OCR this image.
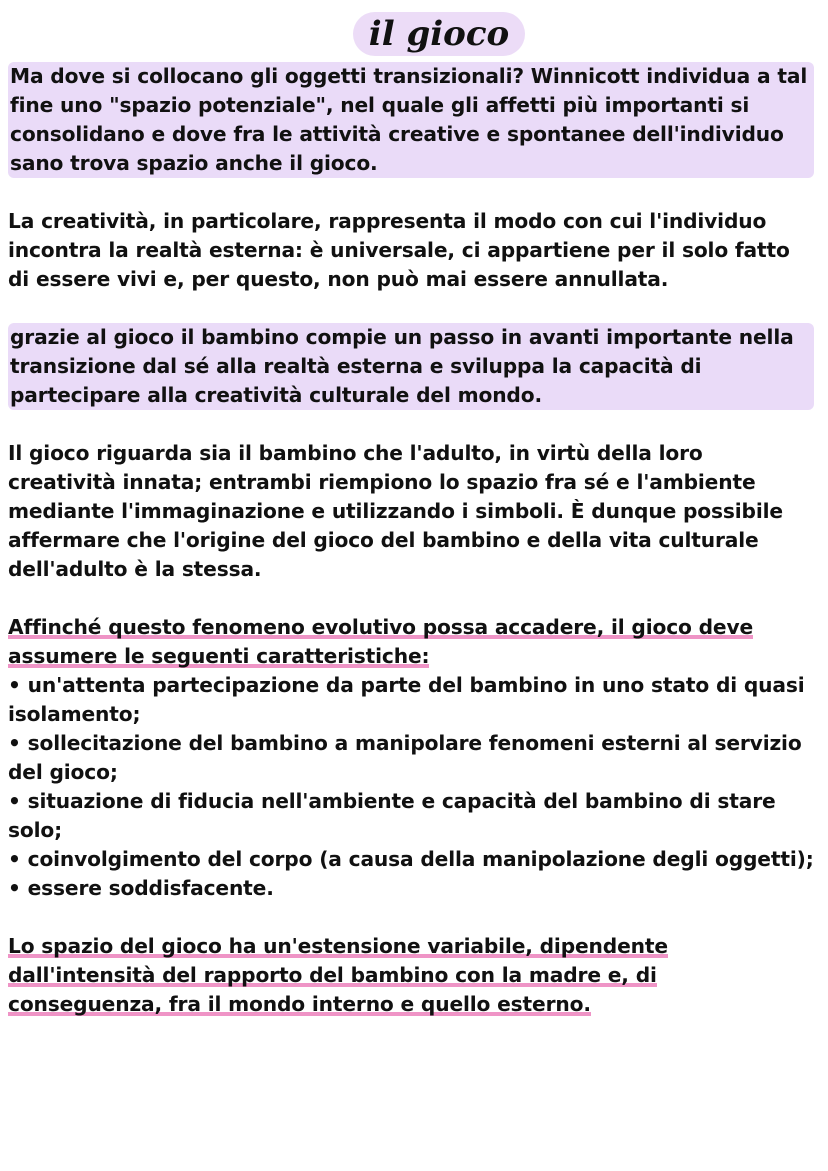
il gioco

Ma dove si collocano gli oggetti transizionali? Winnicott individua a tal fine uno "spazio potenziale", nel quale gli affetti più importanti si consolidano e dove fra le attività creative e spontanee dell'individuo sano trova spazio anche il gioco.

La creatività, in particolare, rappresenta il modo con cui l'individuo incontra la realtà esterna: è universale, ci appartiene per il solo fatto di essere vivi e, per questo, non può mai essere annullata.

grazie al gioco il bambino compie un passo in avanti importante nella transizione dal sé alla realtà esterna e sviluppa la capacità di partecipare alla creatività culturale del mondo.

Il gioco riguarda sia il bambino che l'adulto, in virtù della loro creatività innata; entrambi riempiono lo spazio fra sé e l'ambiente mediante l'immaginazione e utilizzando i simboli. È dunque possibile affermare che l'origine del gioco del bambino e della vita culturale dell'adulto è la stessa.

Affinché questo fenomeno evolutivo possa accadere, il gioco deve assumere le seguenti caratteristiche:

• un'attenta partecipazione da parte del bambino in uno stato di quasi isolamento;
• sollecitazione del bambino a manipolare fenomeni esterni al servizio del gioco;
• situazione di fiducia nell'ambiente e capacità del bambino di stare solo;
• coinvolgimento del corpo (a causa della manipolazione degli oggetti);
• essere soddisfacente.

Lo spazio del gioco ha un'estensione variabile, dipendente dall'intensità del rapporto del bambino con la madre e, di conseguenza, fra il mondo interno e quello esterno.
